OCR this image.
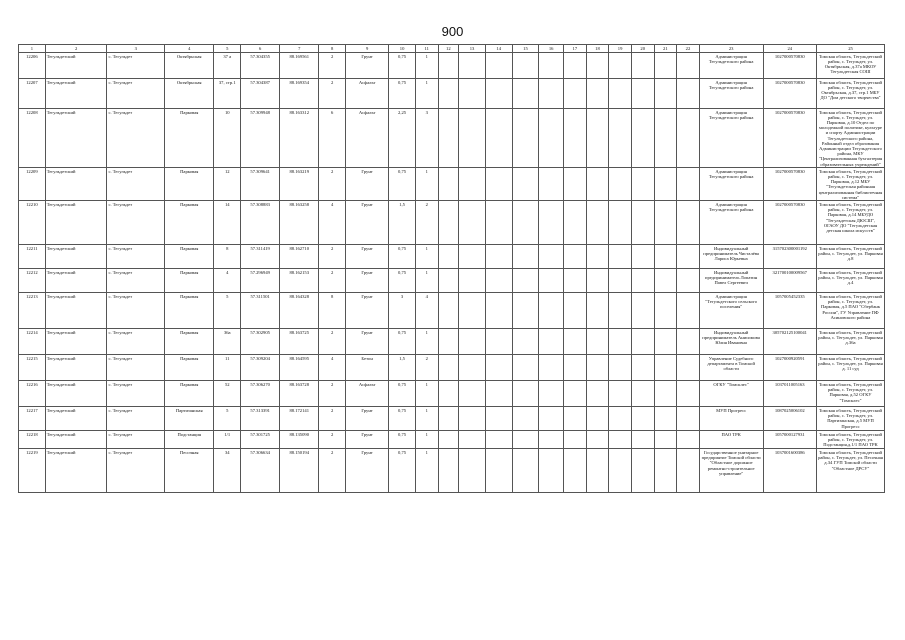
900
1	2	3	4	5	6	7	8	9	10	11	12	13	14	15	16	17	18	19	20	21	22	23	24	25
12206	Тегульдетский	с. Тегульдет	Октябрьская	37 а	57.304355	88.169561	2	Грунт	0,75	1												Администрация Тегульдетского района	1027000570830	Томская область, Тегульдетский район, с. Тегульдет, ул. Октябрьская, д.37а МКОУ Тегульдетская СОШ
12207	Тегульдетский	с. Тегульдет	Октябрьская	37, стр.1	57.304387	88.169354	2	Асфальт	0,75	1												Администрация Тегульдетского района	1027000570830	Томская область, Тегульдетский район, с. Тегульдет, ул. Октябрьская, д.37, стр.1 МБУ ДО "Дом детского творчества"
12208	Тегульдетский	с. Тегульдет	Парковая	10	57.309948	88.163312	6	Асфальт	2,25	3												Администрация Тегульдетского района	1027000570830	Томская область, Тегульдетский район, с. Тегульдет, ул. Парковая, д.10 Отдел по молодежной политике, культуре и спорту Администрации Тегульдетского района, Районный отдел образования Администрации Тегульдетского района, МКУ "Централизованная бухгалтерия образовательных учреждений"
12209	Тегульдетский	с. Тегульдет	Парковая	12	57.309641	88.163219	2	Грунт	0,75	1												Администрация Тегульдетского района	1027000570830	Томская область, Тегульдетский район, с. Тегульдет, ул. Парковая, д.12 МБУ "Тегульдетская районная централизованная библиотечная система"
12210	Тегульдетский	с. Тегульдет	Парковая	14	57.308883	88.163258	4	Грунт	1,5	2												Администрация Тегульдетского района	1027000570830	Томская область, Тегульдетский район, с. Тегульдет, ул. Парковая, д.14 МБУДО "Тегульдетская ДЮСШ", ОГАОУ ДО "Тегульдетская детская школа искусств"
12211	Тегульдетский	с. Тегульдет	Парковая	8	57.311419	88.162710	2	Грунт	0,75	1												Индивидуальный предприниматель Чисталёва Лариса Юрьевна	315702300001192	Томская область, Тегульдетский район, с. Тегульдет, ул. Парковая д.8
12212	Тегульдетский	с. Тегульдет	Парковая	4	57.296949	88.162153	2	Грунт	0,75	1												Индивидуальный предприниматель Лопатин Павел Сергеевич	321700100009567	Томская область, Тегульдетский район, с. Тегульдет, ул. Парковая д.4
12213	Тегульдетский	с. Тегульдет	Парковая	5	57.311501	88.164328	8	Грунт	3	4												Администрация "Тегульдетского сельского поселения"	1057005452335	Томская область, Тегульдетский район, с. Тегульдет, ул. Парковая, д.5 ПАО "Сбербанк России", ГУ Управление ПФ Асиновского района
12214	Тегульдетский	с. Тегульдет	Парковая	36а	57.302905	88.163725	2	Грунт	0,75	1												Индивидуальный предприниматель Анисимова Юлия Ивановна	305702125100041	Томская область, Тегульдетский район, с. Тегульдет, ул. Парковая д.36а
12215	Тегульдетский	с. Тегульдет	Парковая	11	57.309204	88.164595	4	Бетон	1,5	2												Управление Судебного департамента в Томской области	1027000920591	Томская область, Тегульдетский район, с. Тегульдет, ул. Парковая д. 11 суд
12216	Тегульдетский	с. Тегульдет	Парковая	52	57.306270	88.163728	2	Асфальт	0,75	1												ОГКУ "Томсклес"	1037011005163	Томская область, Тегульдетский район, с. Тегульдет, ул. Парковая, д.52 ОГКУ "Томсклес"
12217	Тегульдетский	с. Тегульдет	Партизанская	5	57.313391	88.172141	2	Грунт	0,75	1												МУП Прогресс	1087025006102	Томская область, Тегульдетский район, с. Тегульдет, ул. Партизанская, д.5 МУП Прогресс
12218	Тегульдетский	с. Тегульдет	Подстанция	1/1	57.301725	88.135090	2	Грунт	0,75	1												ПАО ТРК	1057000127931	Томская область, Тегульдетский район, с. Тегульдет, ул. Подстанция,д.1/1 ПАО ТРК
12219	Тегульдетский	с. Тегульдет	Песочная	34	57.306634	88.150194	2	Грунт	0,75	1												Государственное унитарное предприятие Томской области "Областное дорожное ремонтно-строительное управление"	1037001600386	Томская область, Тегульдетский район, с. Тегульдет, ул. Песочная д.34 ГУП Томской области "Областное ДРСУ"
